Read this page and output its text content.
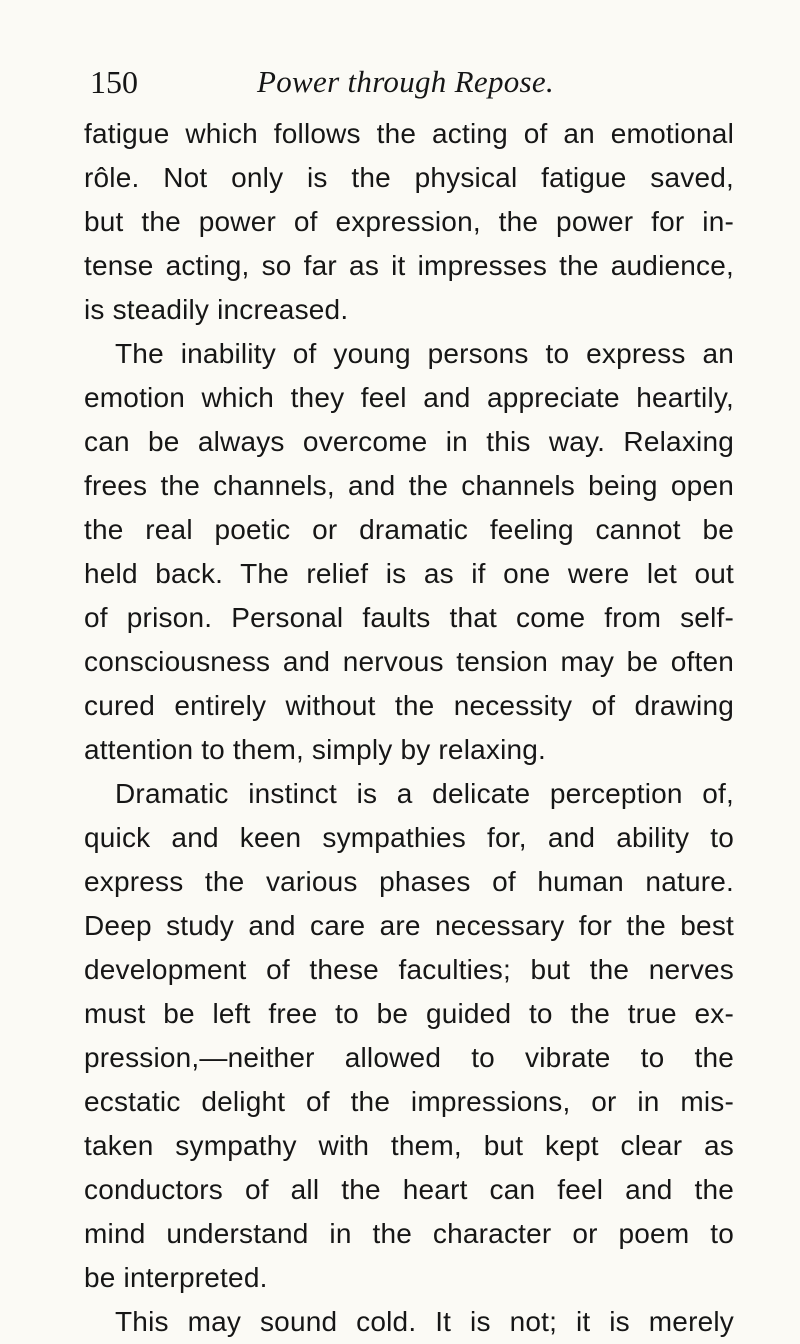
150	Power through Repose.
fatigue which follows the acting of an emotional
rôle. Not only is the physical fatigue saved,
but the power of expression, the power for in-
tense acting, so far as it impresses the audience,
is steadily increased.
The inability of young persons to express an
emotion which they feel and appreciate heartily,
can be always overcome in this way. Relaxing
frees the channels, and the channels being open
the real poetic or dramatic feeling cannot be
held back. The relief is as if one were let out
of prison. Personal faults that come from self-
consciousness and nervous tension may be often
cured entirely without the necessity of drawing
attention to them, simply by relaxing.
Dramatic instinct is a delicate perception of,
quick and keen sympathies for, and ability to
express the various phases of human nature.
Deep study and care are necessary for the best
development of these faculties; but the nerves
must be left free to be guided to the true ex-
pression,—neither allowed to vibrate to the
ecstatic delight of the impressions, or in mis-
taken sympathy with them, but kept clear as
conductors of all the heart can feel and the
mind understand in the character or poem to
be interpreted.
This may sound cold. It is not; it is merely
